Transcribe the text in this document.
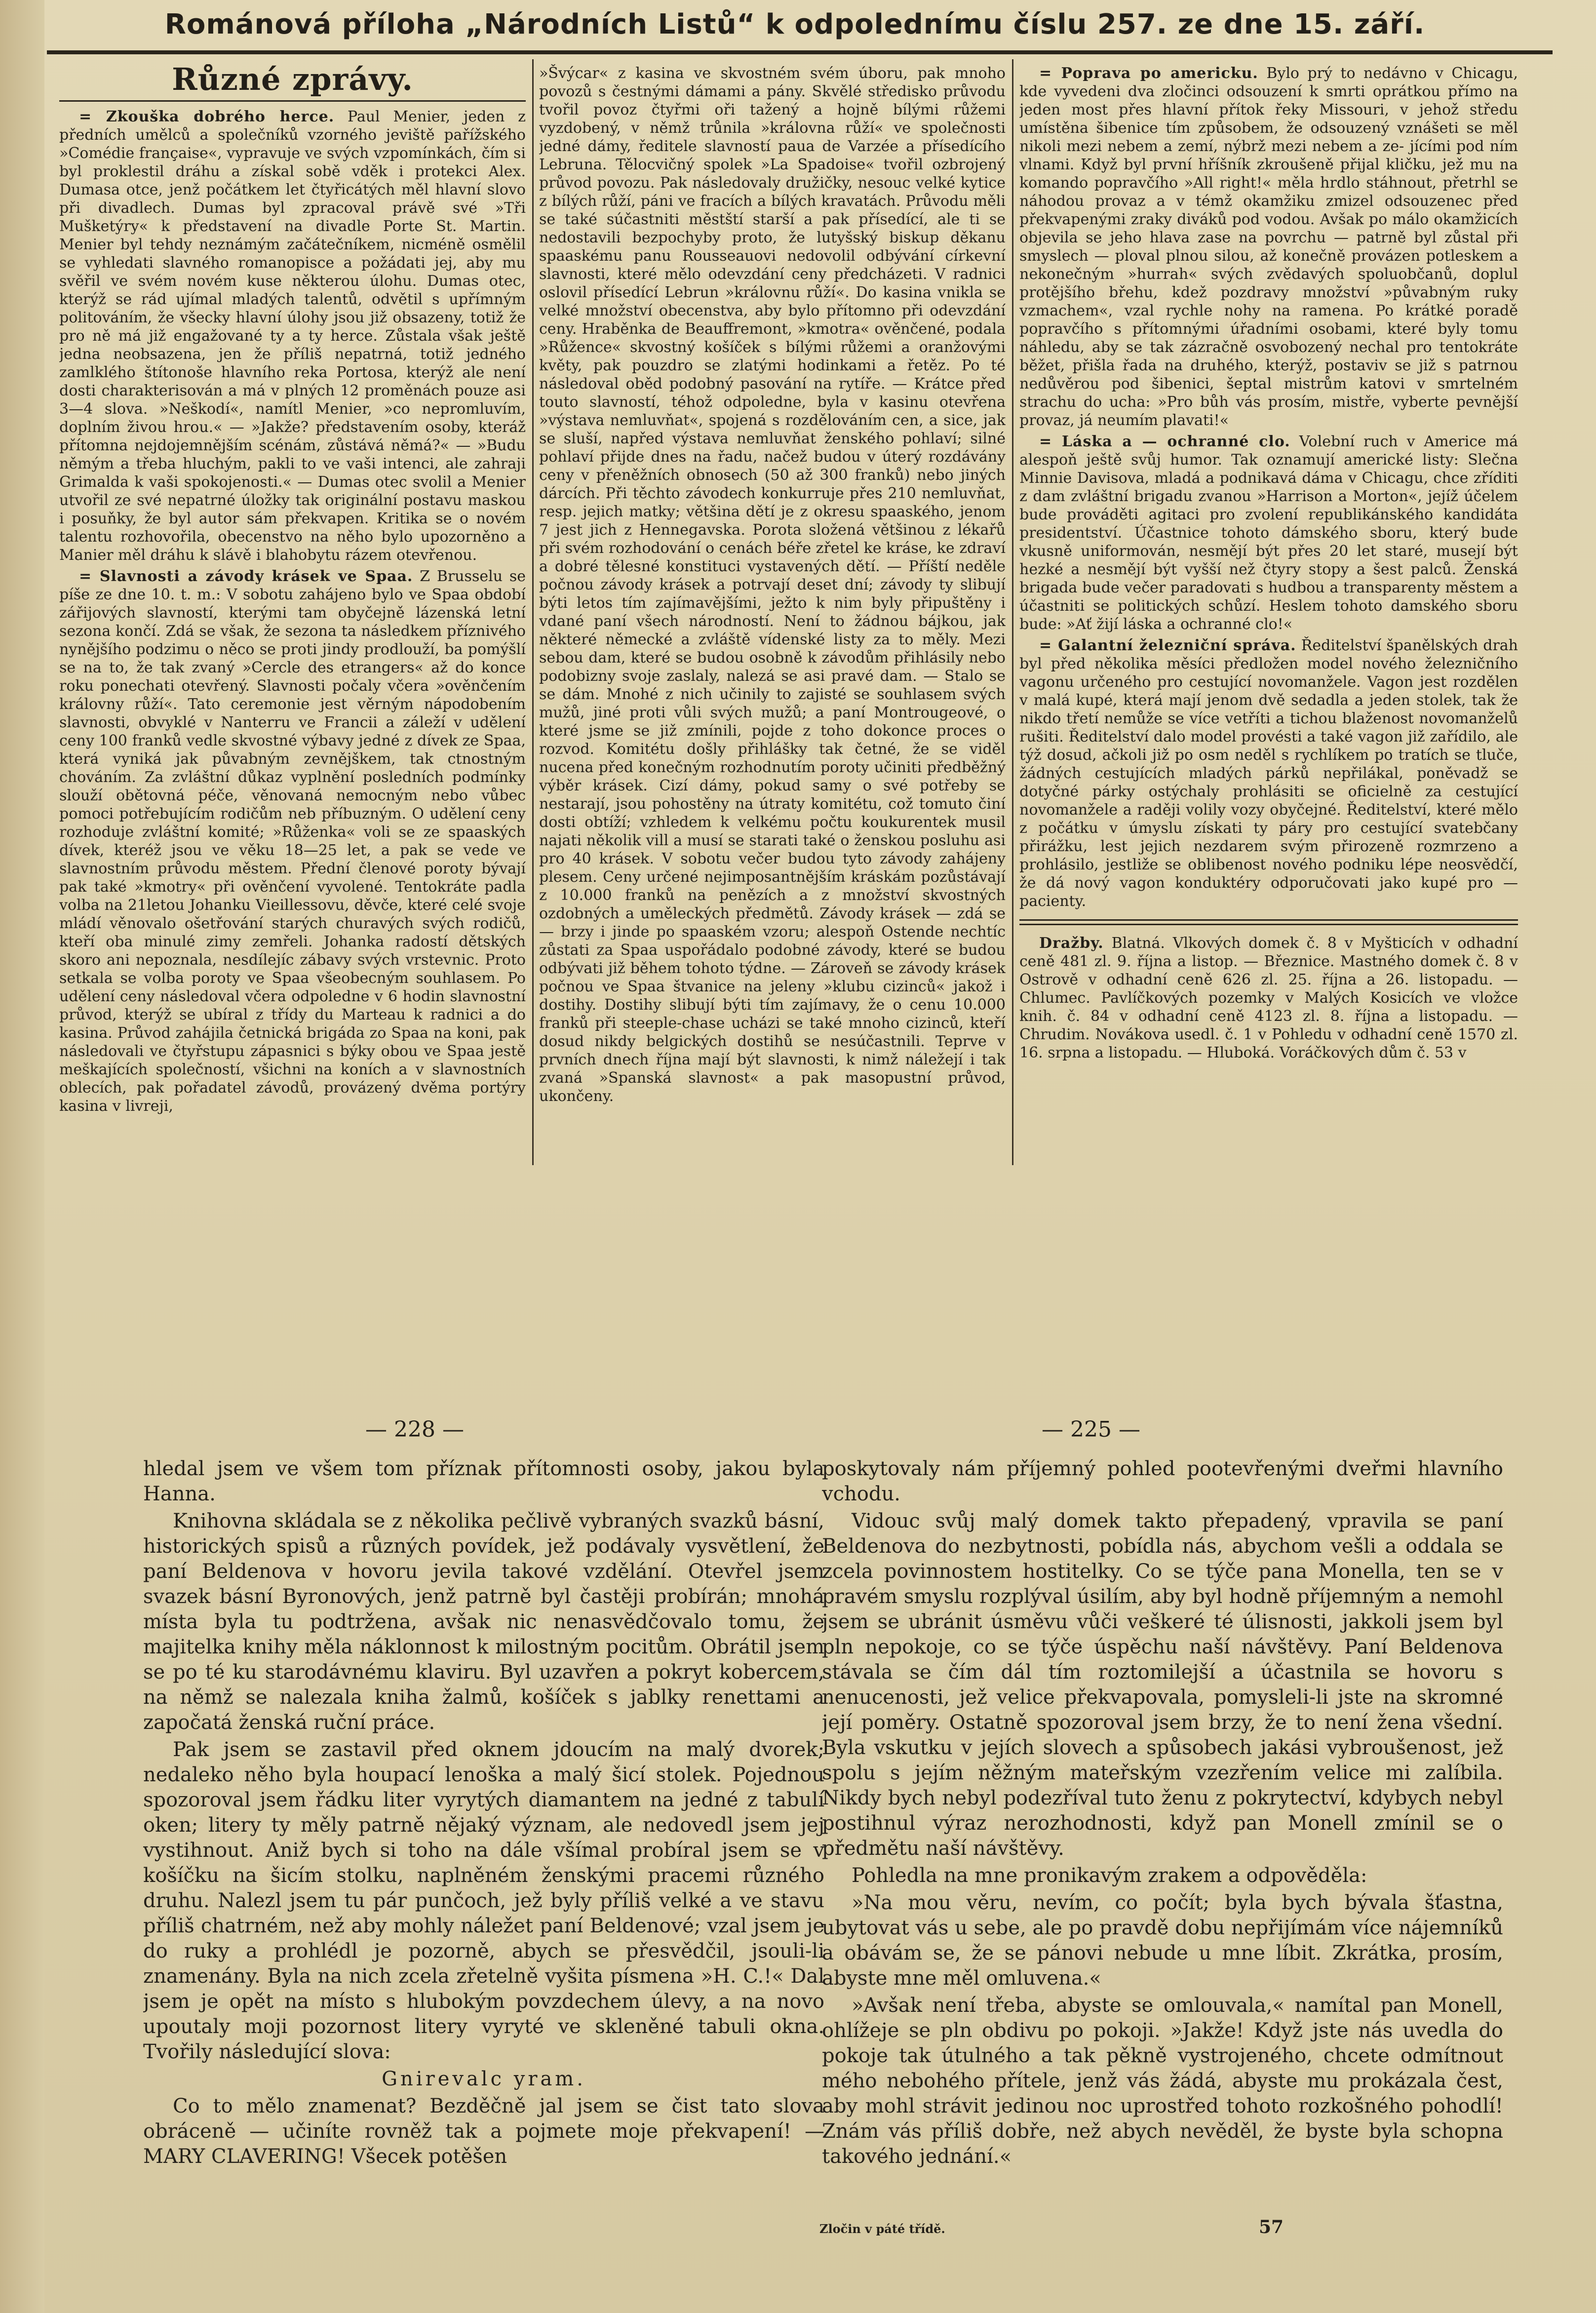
Románová příloha „Národních Listů“ k odpolednímu číslu 257. ze dne 15. září.
Různé zprávy.

= Zkouška dobrého herce. Paul Menier, jeden z předních umělců a společníků vzorného jeviště pařížského »Comédie française«, vypravuje ve svých vzpomínkách, čím si byl proklestil dráhu a získal sobě vděk i protekci Alex. Dumasa otce, jenž počátkem let čtyřicátých měl hlavní slovo při divadlech. Dumas byl zpracoval právě své »Tři Mušketýry« k představení na divadle Porte St. Martin. Menier byl tehdy neznámým začátečníkem, nicméně osmělil se vyhledati slavného romanopisce a požádati jej, aby mu svěřil ve svém novém kuse některou úlohu. Dumas otec, kterýž se rád ujímal mladých talentů, odvětil s upřímným politováním, že všecky hlavní úlohy jsou již obsazeny, totiž že pro ně má již engažované ty a ty herce. Zůstala však ještě jedna neobsazena, jen že příliš nepatrná, totiž jedného zamlklého štítonoše hlavního reka Portosa, kterýž ale není dosti charakterisován a má v plných 12 proměnách pouze asi 3—4 slova. »Neškodí«, namítl Menier, »co nepromluvím, doplním živou hrou.« — »Jakže? představením osoby, kteráž přítomna nejdojemnějším scénám, zůstává němá?« — »Budu němým a třeba hluchým, pakli to ve vaši intenci, ale zahraji Grimalda k vaši spokojenosti.« — Dumas otec svolil a Menier utvořil ze své nepatrné úložky tak originální postavu maskou i posuňky, že byl autor sám překvapen. Kritika se o novém talentu rozhovořila, obecenstvo na něho bylo upozorněno a Manier měl dráhu k slávě i blahobytu rázem otevřenou.

= Slavnosti a závody krásek ve Spaa. Z Brusselu se píše ze dne 10. t. m.: V sobotu zahájeno bylo ve Spaa období zářijových slavností, kterými tam obyčejně lázenská letní sezona končí. Zdá se však, že sezona ta následkem příznivého nynějšího podzimu o něco se proti jindy prodlouží, ba pomýšlí se na to, že tak zvaný »Cercle des etrangers« až do konce roku ponechati otevřený. Slavnosti počaly včera »ověnčením královny růží«. Tato ceremonie jest věrným nápodobením slavnosti, obvyklé v Nanterru ve Francii a záleží v udělení ceny 100 franků vedle skvostné výbavy jedné z dívek ze Spaa, která vyniká jak půvabným zevnějškem, tak ctnostným chováním. Za zvláštní důkaz vyplnění posledních podmínky slouží obětovná péče, věnovaná nemocným nebo vůbec pomoci potřebujícím rodičům neb příbuzným. O udělení ceny rozhoduje zvláštní komité; »Růženka« voli se ze spaaských dívek, kteréž jsou ve věku 18—25 let, a pak se vede ve slavnostním průvodu městem. Přední členové poroty bývají pak také »kmotry« při ověnčení vyvolené. Tentokráte padla volba na 21letou Johanku Vieillessovu, děvče, které celé svoje mládí věnovalo ošetřování starých churavých svých rodičů, kteří oba minulé zimy zemřeli. Johanka radostí dětských skoro ani nepoznala, nesdílejíc zábavy svých vrstevnic. Proto setkala se volba poroty ve Spaa všeobecným souhlasem. Po udělení ceny následoval včera odpoledne v 6 hodin slavnostní průvod, kterýž se ubíral z třídy du Marteau k radnici a do kasina. Průvod zahájila četnická brigáda zo Spaa na koni, pak následovali ve čtyřstupu zápasnici s býky obou ve Spaa jestě meškajících společností, všichni na koních a v slavnostních oblecích, pak pořadatel závodů, provázený dvěma portýry kasina v livreji,

»Švýcar« z kasina ve skvostném svém úboru, pak mnoho povozů s čestnými dámami a pány. Skvělé středisko průvodu tvořil povoz čtyřmi oři tažený a hojně bílými růžemi vyzdobený, v němž trůnila »královna růží« ve společnosti jedné dámy, ředitele slavností paua de Varzée a přísedícího Lebruna. Tělocvičný spolek »La Spadoise« tvořil ozbrojený průvod povozu. Pak následovaly družičky, nesouc velké kytice z bílých růží, páni ve fracích a bílých kravatách. Průvodu měli se také súčastniti městští starší a pak přísedící, ale ti se nedostavili bezpochyby proto, že lutyšský biskup děkanu spaaskému panu Rousseauovi nedovolil odbývání církevní slavnosti, které mělo odevzdání ceny předcházeti. V radnici oslovil přísedící Lebrun »královnu růží«. Do kasina vnikla se velké množství obecenstva, aby bylo přítomno při odevzdání ceny. Hraběnka de Beauffremont, »kmotra« ověnčené, podala »Růžence« skvostný košíček s bílými růžemi a oranžovými květy, pak pouzdro se zlatými hodinkami a řetěz. Po té následoval oběd podobný pasování na rytíře. — Krátce před touto slavností, téhož odpoledne, byla v kasinu otevřena »výstava nemluvňat«, spojená s rozdělováním cen, a sice, jak se sluší, napřed výstava nemluvňat ženského pohlaví; silné pohlaví přijde dnes na řadu, načež budou v úterý rozdávány ceny v přeněžních obnosech (50 až 300 franků) nebo jiných dárcích. Při těchto závodech konkurruje přes 210 nemluvňat, resp. jejich matky; většina dětí je z okresu spaaského, jenom 7 jest jich z Hennegavska. Porota složená většinou z lékařů při svém rozhodování o cenách béře zřetel ke kráse, ke zdraví a dobré tělesné konstituci vystavených dětí. — Příští neděle počnou závody krásek a potrvají deset dní; závody ty slibují býti letos tím zajímavějšími, ježto k nim byly připuštěny i vdané paní všech národností. Není to žádnou bájkou, jak některé německé a zvláště vídenské listy za to měly. Mezi sebou dam, které se budou osobně k závodům přihlásily nebo podobizny svoje zaslaly, nalezá se asi pravé dam. — Stalo se se dám. Mnohé z nich učinily to zajisté se souhlasem svých mužů, jiné proti vůli svých mužů; a paní Montrougeové, o které jsme se již zmínili, pojde z toho dokonce proces o rozvod. Komitétu došly přihlášky tak četné, že se viděl nucena před konečným rozhodnutím poroty učiniti předběžný výběr krásek. Cizí dámy, pokud samy o své potřeby se nestarají, jsou pohostěny na útraty komitétu, což tomuto činí dosti obtíží; vzhledem k velkému počtu koukurentek musil najati několik vill a musí se starati také o ženskou posluhu asi pro 40 krásek. V sobotu večer budou tyto závody zahájeny plesem. Ceny určené nejimposantnějším kráskám pozůstávají z 10.000 franků na penězích a z množství skvostných ozdobných a uměleckých předmětů. Závody krásek — zdá se — brzy i jinde po spaaském vzoru; alespoň Ostende nechtíc zůstati za Spaa uspořádalo podobné závody, které se budou odbývati již během tohoto týdne. — Zároveň se závody krásek počnou ve Spaa štvanice na jeleny »klubu cizinců« jakož i dostihy. Dostihy slibují býti tím zajímavy, že o cenu 10.000 franků při steeple-chase ucházi se také mnoho cizinců, kteří dosud nikdy belgických dostihů se nesúčastnili. Teprve v prvních dnech října mají být slavnosti, k nimž náležejí i tak zvaná »Spanská slavnost« a pak masopustní průvod, ukončeny.

= Poprava po americku. Bylo prý to nedávno v Chicagu, kde vyvedeni dva zločinci odsouzení k smrti oprátkou přímo na jeden most přes hlavní přítok řeky Missouri, v jehož středu umístěna šibenice tím způsobem, že odsouzený vznášeti se měl nikoli mezi nebem a zemí, nýbrž mezi nebem a ze- jícími pod ním vlnami. Když byl první hříšník zkroušeně přijal kličku, jež mu na komando popravčího »All right!« měla hrdlo stáhnout, přetrhl se náhodou provaz a v témž okamžiku zmizel odsouzenec před překvapenými zraky diváků pod vodou. Avšak po málo okamžicích objevila se jeho hlava zase na povrchu — patrně byl zůstal při smyslech — ploval plnou silou, až konečně provázen potleskem a nekonečným »hurrah« svých zvědavých spoluobčanů, doplul protějšího břehu, kdež pozdravy množství »půvabným ruky vzmachem«, vzal rychle nohy na ramena. Po krátké poradě popravčího s přítomnými úřadními osobami, které byly tomu náhledu, aby se tak zázračně osvobozený nechal pro tentokráte běžet, přišla řada na druhého, kterýž, postaviv se již s patrnou nedůvěrou pod šibenici, šeptal mistrům katovi v smrtelném strachu do ucha: »Pro bůh vás prosím, mistře, vyberte pevnější provaz, já neumím plavati!«

= Láska a — ochranné clo. Volební ruch v Americe má alespoň ještě svůj humor. Tak oznamují americké listy: Slečna Minnie Davisova, mladá a podnikavá dáma v Chicagu, chce zříditi z dam zvláštní brigadu zvanou »Harrison a Morton«, jejíž účelem bude prováděti agitaci pro zvolení republikánského kandidáta presidentství. Účastnice tohoto dámského sboru, který bude vkusně uniformován, nesmějí být přes 20 let staré, musejí být hezké a nesmějí být vyšší než čtyry stopy a šest palců. Ženská brigada bude večer paradovati s hudbou a transparenty městem a účastniti se politických schůzí. Heslem tohoto damského sboru bude: »Ať žijí láska a ochranné clo!«

= Galantní železniční správa. Ředitelství španělských drah byl před několika měsíci předložen model nového železničního vagonu určeného pro cestující novomanžele. Vagon jest rozdělen v malá kupé, která mají jenom dvě sedadla a jeden stolek, tak že nikdo třetí nemůže se více vetříti a tichou blaženost novomanželů rušiti. Ředitelství dalo model provésti a také vagon již zařídilo, ale týž dosud, ačkoli již po osm neděl s rychlíkem po tratích se tluče, žádných cestujících mladých párků nepřilákal, poněvadž se dotyčné párky ostýchaly prohlásiti se oficielně za cestující novomanžele a raději volily vozy obyčejné. Ředitelství, které mělo z počátku v úmyslu získati ty páry pro cestující svatebčany přirážku, lest jejich nezdarem svým přirozeně rozmrzeno a prohlásilo, jestliže se oblibenost nového podniku lépe neosvědčí, že dá nový vagon konduktéry odporučovati jako kupé pro — pacienty.

Dražby. Blatná. Vlkových domek č. 8 v Myšticích v odhadní ceně 481 zl. 9. října a listop. — Březnice. Mastného domek č. 8 v Ostrově v odhadní ceně 626 zl. 25. října a 26. listopadu. — Chlumec. Pavlíčkových pozemky v Malých Kosicích ve vložce knih. č. 84 v odhadní ceně 4123 zl. 8. října a listopadu. — Chrudim. Novákova usedl. č. 1 v Pohledu v odhadní ceně 1570 zl. 16. srpna a listopadu. — Hluboká. Voráčkových dům č. 53 v

— 228 —	— 225 —

hledal jsem ve všem tom příznak přítomnosti osoby, jakou byla Hanna.

Knihovna skládala se z několika pečlivě vybraných svazků básní, historických spisů a různých povídek, jež podávaly vysvětlení, že paní Beldenova v hovoru jevila takové vzdělání. Otevřel jsem svazek básní Byronových, jenž patrně byl častěji probírán; mnohá místa byla tu podtržena, avšak nic nenasvědčovalo tomu, že majitelka knihy měla náklonnost k milostným pocitům. Obrátil jsem se po té ku starodávnému klaviru. Byl uzavřen a pokryt kobercem, na němž se nalezala kniha žalmů, košíček s jablky renettami a započatá ženská ruční práce.

Pak jsem se zastavil před oknem jdoucím na malý dvorek; nedaleko něho byla houpací lenoška a malý šicí stolek. Pojednou spozoroval jsem řádku liter vyrytých diamantem na jedné z tabulí oken; litery ty měly patrně nějaký význam, ale nedovedl jsem jej vystihnout. Aniž bych si toho na dále všímal probíral jsem se v košíčku na šicím stolku, naplněném ženskými pracemi různého druhu. Nalezl jsem tu pár punčoch, jež byly příliš velké a ve stavu příliš chatrném, než aby mohly náležet paní Beldenové; vzal jsem je do ruky a prohlédl je pozorně, abych se přesvědčil, jsouli-li znamenány. Byla na nich zcela zřetelně vyšita písmena »H. C.!« Dal jsem je opět na místo s hlubokým povzdechem úlevy, a na novo upoutaly moji pozornost litery vyryté ve skleněné tabuli okna. Tvořily následující slova:

Gnirevalc yram.

Co to mělo znamenat? Bezděčně jal jsem se čist tato slova obráceně — učiníte rovněž tak a pojmete moje překvapení! — MARY CLAVERING! Všecek potěšen

poskytovaly nám příjemný pohled pootevřenými dveřmi hlavního vchodu.

Vidouc svůj malý domek takto přepadený, vpravila se paní Beldenova do nezbytnosti, pobídla nás, abychom vešli a oddala se zcela povinnostem hostitelky. Co se týče pana Monella, ten se v pravém smyslu rozplýval úsilím, aby byl hodně příjemným a nemohl jsem se ubránit úsměvu vůči veškeré té úlisnosti, jakkoli jsem byl pln nepokoje, co se týče úspěchu naší návštěvy. Paní Beldenova stávala se čím dál tím roztomilejší a účastnila se hovoru s nenucenosti, jež velice překvapovala, pomysleli-li jste na skromné její poměry. Ostatně spozoroval jsem brzy, že to není žena všední. Byla vskutku v jejích slovech a spůsobech jakási vybroušenost, jež spolu s jejím něžným mateřským vzezřením velice mi zalíbila. Nikdy bych nebyl podezříval tuto ženu z pokrytectví, kdybych nebyl postihnul výraz nerozhodnosti, když pan Monell zmínil se o předmětu naší návštěvy.

Pohledla na mne pronikavým zrakem a odpověděla:

»Na mou věru, nevím, co počít; byla bych bývala šťastna, ubytovat vás u sebe, ale po pravdě dobu nepřijímám více nájemníků a obávám se, že se pánovi nebude u mne líbit. Zkrátka, prosím, abyste mne měl omluvena.«

»Avšak není třeba, abyste se omlouvala,« namítal pan Monell, ohlížeje se pln obdivu po pokoji. »Jakže! Když jste nás uvedla do pokoje tak útulného a tak pěkně vystrojeného, chcete odmítnout mého nebohého přítele, jenž vás žádá, abyste mu prokázala čest, aby mohl strávit jedinou noc uprostřed tohoto rozkošného pohodlí! Znám vás příliš dobře, než abych nevěděl, že byste byla schopna takového jednání.«

Zločin v páté třídě.	57
